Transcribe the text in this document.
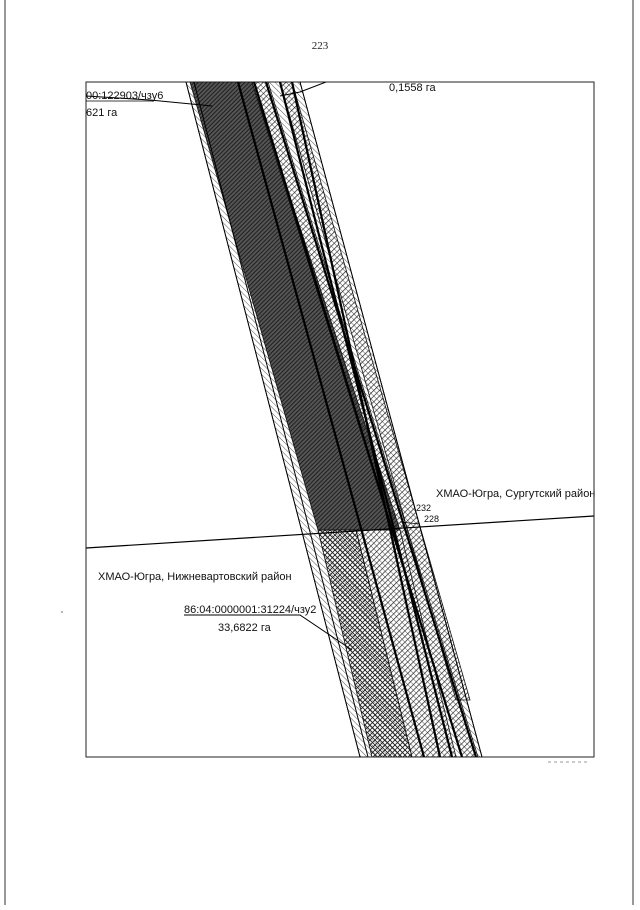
223
00:122903/чзу6
621 га
0,1558 га
ХМАО-Югра, Сургутский район
232
228
ХМАО-Югра, Нижневартовский район
86:04:0000001:31224/чзу2
33,6822 га
